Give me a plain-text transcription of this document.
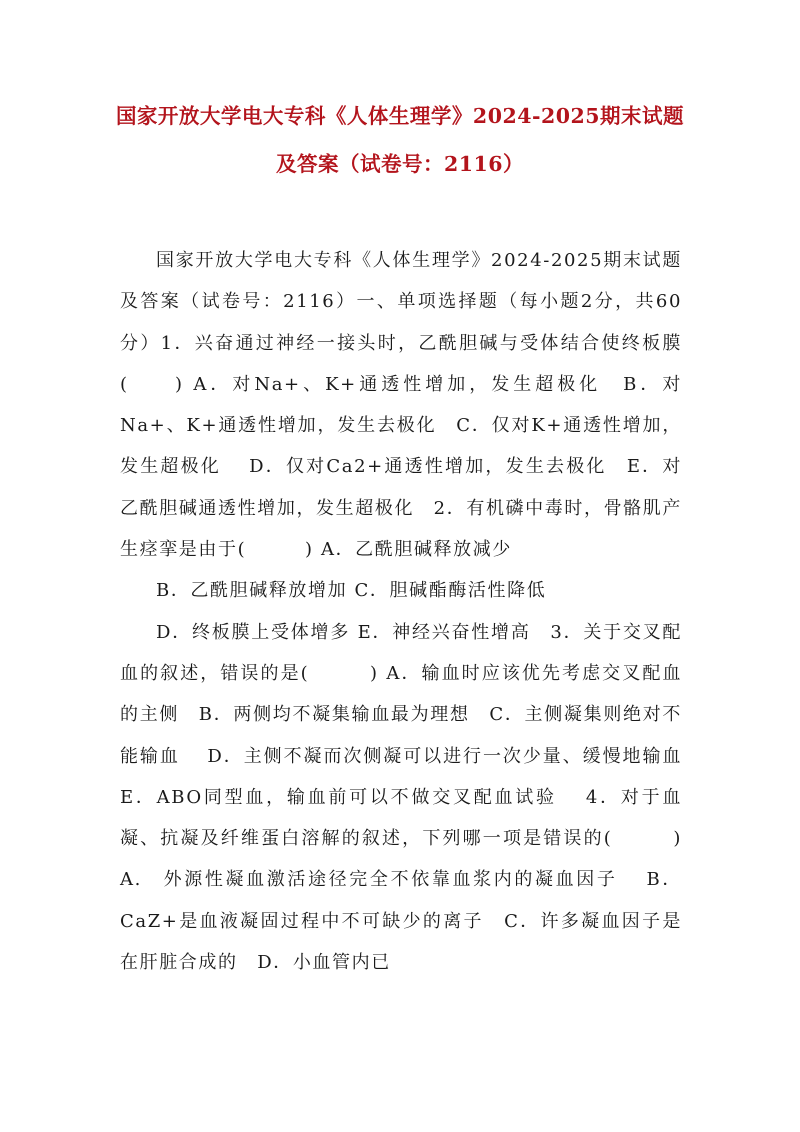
国家开放大学电大专科《人体生理学》2024-2025期末试题及答案（试卷号：2116）

国家开放大学电大专科《人体生理学》2024-2025期末试题及答案（试卷号：2116）一、单项选择题（每小题2分，共60分）1．兴奋通过神经一接头时，乙酰胆碱与受体结合使终板膜(　　) A．对Na+、K+通透性增加，发生超极化　B．对Na+、K+通透性增加，发生去极化　C．仅对K+通透性增加，发生超极化　 D．仅对Ca2+通透性增加，发生去极化　E．对乙酰胆碱通透性增加，发生超极化　2．有机磷中毒时，骨骼肌产生痉挛是由于(　　　) A．乙酰胆碱释放减少

B．乙酰胆碱释放增加 C．胆碱酯酶活性降低

D．终板膜上受体增多 E．神经兴奋性增高　3．关于交叉配血的叙述，错误的是(　　　) A．输血时应该优先考虑交叉配血的主侧　B．两侧均不凝集输血最为理想　C．主侧凝集则绝对不能输血　 D．主侧不凝而次侧凝可以进行一次少量、缓慢地输血 E．ABO同型血，输血前可以不做交叉配血试验　 4．对于血凝、抗凝及纤维蛋白溶解的叙述，下列哪一项是错误的(　　　) A.　外源性凝血激活途径完全不依靠血浆内的凝血因子　 B．CaZ+是血液凝固过程中不可缺少的离子　C．许多凝血因子是在肝脏合成的　D．小血管内已
